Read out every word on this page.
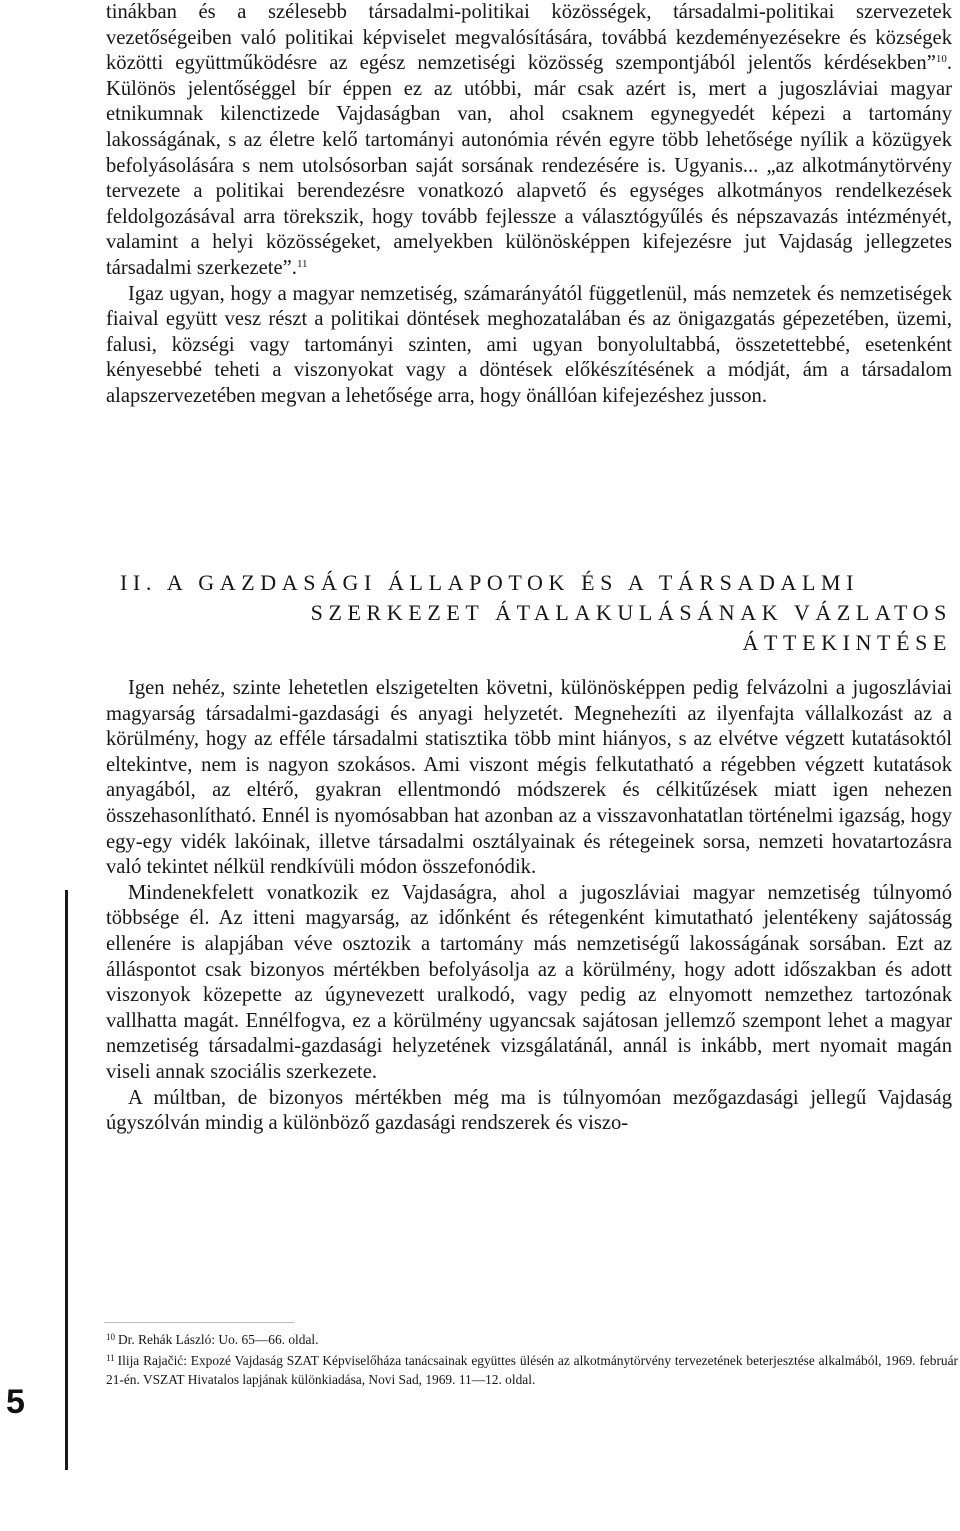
tinákban és a szélesebb társadalmi-politikai közösségek, társadalmi-politikai szervezetek vezetőségeiben való politikai képviselet megvalósítására, továbbá kezdeményezésekre és községek közötti együttműködésre az egész nemzetiségi közösség szempontjából jelentős kérdésekben”$^{10}$. Különös jelentőséggel bír éppen ez az utóbbi, már csak azért is, mert a jugoszláviai magyar etnikumnak kilenctizede Vajdaságban van, ahol csaknem egynegyedét képezi a tartomány lakosságának, s az életre kelő tartományi autonómia révén egyre több lehetősége nyílik a közügyek befolyásolására s nem utolsósorban saját sorsának rendezésére is. Ugyanis... „az alkotmánytörvény tervezete a politikai berendezésre vonatkozó alapvető és egységes alkotmányos rendelkezések feldolgozásával arra törekszik, hogy tovább fejlessze a választógyűlés és népszavazás intézményét, valamint a helyi közösségeket, amelyekben különösképpen kifejezésre jut Vajdaság jellegzetes társadalmi szerkezete”.$^{11}$

Igaz ugyan, hogy a magyar nemzetiség, számarányától függetlenül, más nemzetek és nemzetiségek fiaival együtt vesz részt a politikai döntések meghozatalában és az önigazgatás gépezetében, üzemi, falusi, községi vagy tartományi szinten, ami ugyan bonyolultabbá, összetettebbé, esetenként kényesebbé teheti a viszonyokat vagy a döntések előkészítésének a módját, ám a társadalom alapszervezetében megvan a lehetősége arra, hogy önállóan kifejezéshez jusson.

II. A GAZDASÁGI ÁLLAPOTOK ÉS A TÁRSADALMI
SZERKEZET ÁTALAKULÁSÁNAK VÁZLATOS
ÁTTEKINTÉSE

Igen nehéz, szinte lehetetlen elszigetelten követni, különösképpen pedig felvázolni a jugoszláviai magyarság társadalmi-gazdasági és anyagi helyzetét. Megnehezíti az ilyenfajta vállalkozást az a körülmény, hogy az efféle társadalmi statisztika több mint hiányos, s az elvétve végzett kutatásoktól eltekintve, nem is nagyon szokásos. Ami viszont mégis felkutatható a régebben végzett kutatások anyagából, az eltérő, gyakran ellentmondó módszerek és célkitűzések miatt igen nehezen összehasonlítható. Ennél is nyomósabban hat azonban az a visszavonhatatlan történelmi igazság, hogy egy-egy vidék lakóinak, illetve társadalmi osztályainak és rétegeinek sorsa, nemzeti hovatartozásra való tekintet nélkül rendkívüli módon összefonódik.

Mindenekfelett vonatkozik ez Vajdaságra, ahol a jugoszláviai magyar nemzetiség túlnyomó többsége él. Az itteni magyarság, az időnként és rétegenként kimutatható jelentékeny sajátosság ellenére is alapjában véve osztozik a tartomány más nemzetiségű lakosságának sorsában. Ezt az álláspontot csak bizonyos mértékben befolyásolja az a körülmény, hogy adott időszakban és adott viszonyok közepette az úgynevezett uralkodó, vagy pedig az elnyomott nemzethez tartozónak vallhatta magát. Ennélfogva, ez a körülmény ugyancsak sajátosan jellemző szempont lehet a magyar nemzetiség társadalmi-gazdasági helyzetének vizsgálatánál, annál is inkább, mert nyomait magán viseli annak szociális szerkezete.

A múltban, de bizonyos mértékben még ma is túlnyomóan mezőgazdasági jellegű Vajdaság úgyszólván mindig a különböző gazdasági rendszerek és viszo-

$^{10}$ Dr. Rehák László: Uo. 65—66. oldal.

$^{11}$ Ilija Rajačić: Expozé Vajdaság SZAT Képviselőháza tanácsainak együttes ülésén az alkotmánytörvény tervezetének beterjesztése alkalmából, 1969. február 21-én. VSZAT Hivatalos lapjának különkiadása, Novi Sad, 1969. 11—12. oldal.

5
